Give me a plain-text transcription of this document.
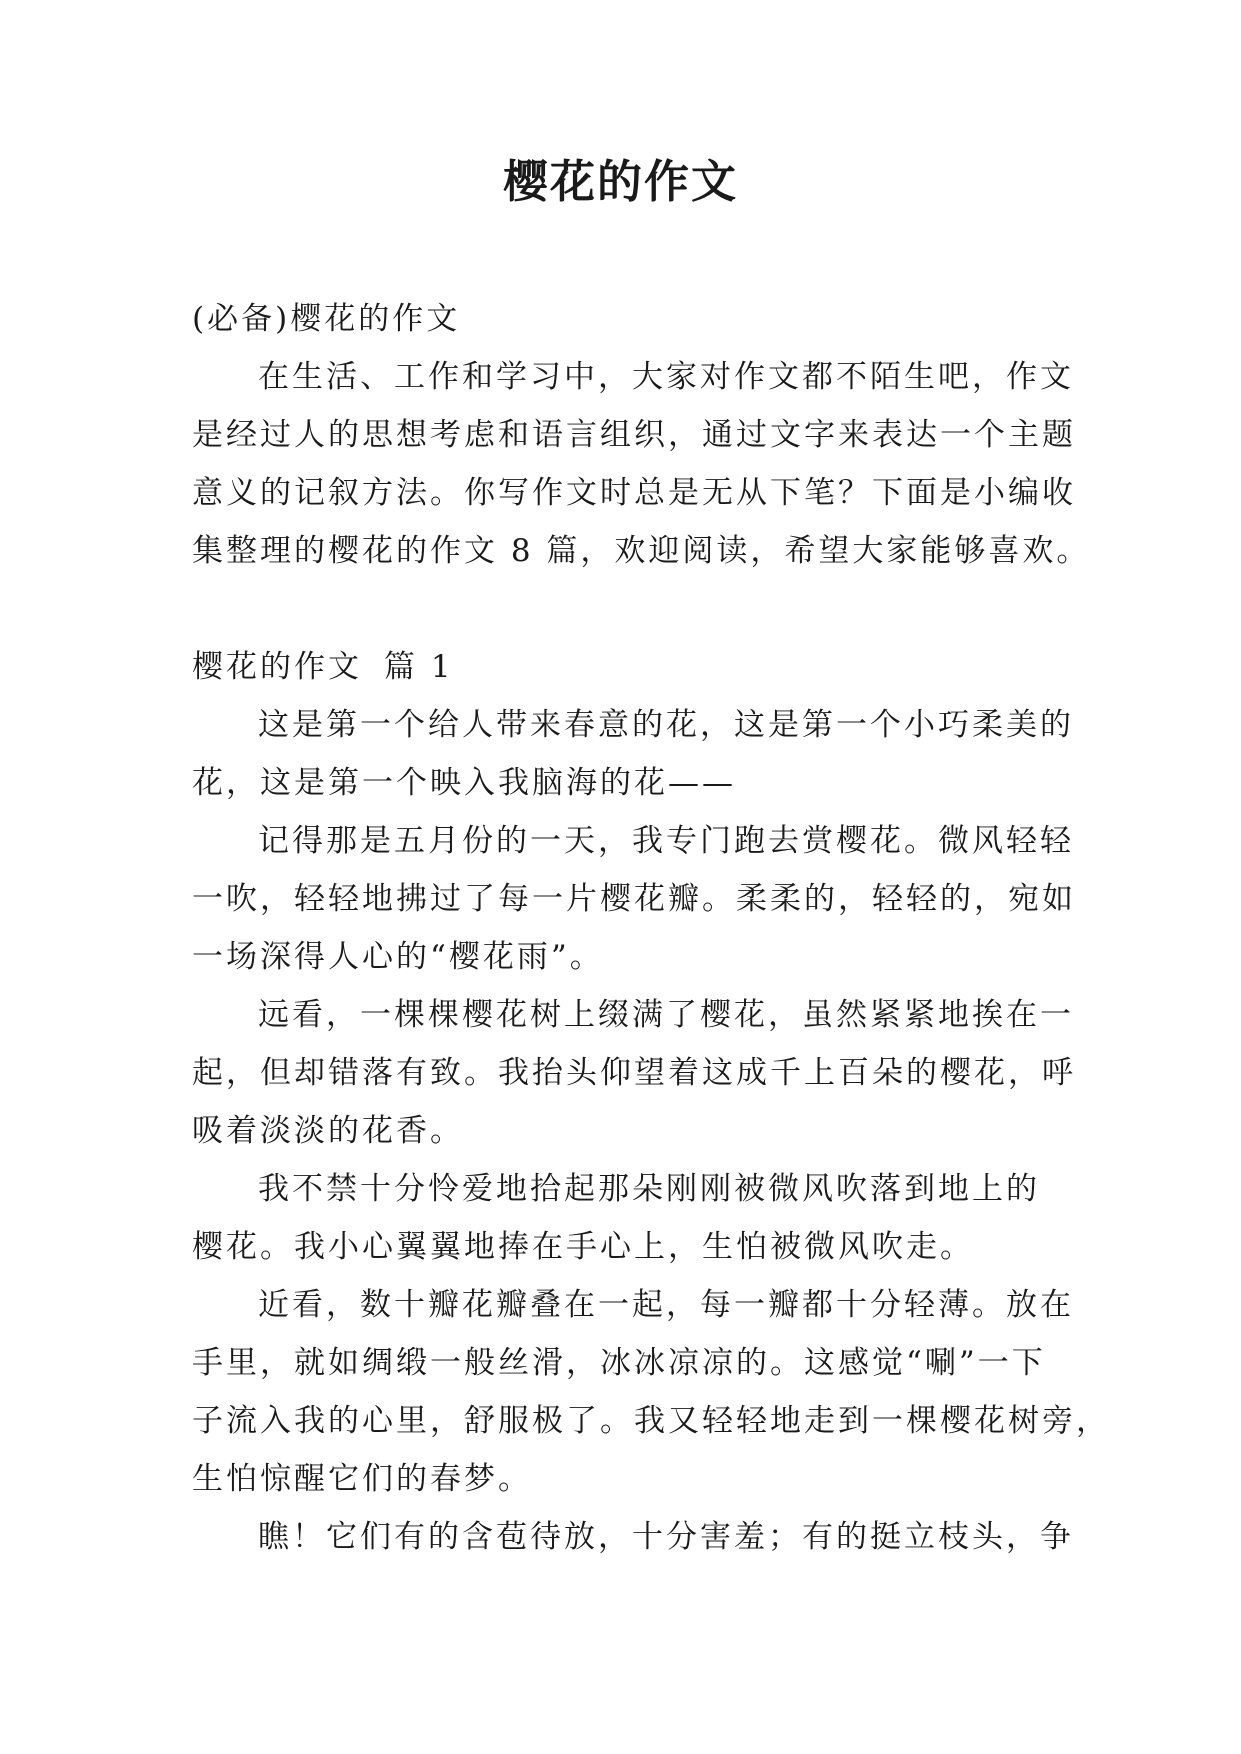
樱花的作文
(必备)樱花的作文
在生活、工作和学习中，大家对作文都不陌生吧，作文
是经过人的思想考虑和语言组织，通过文字来表达一个主题
意义的记叙方法。你写作文时总是无从下笔？下面是小编收
集整理的樱花的作文 8 篇，欢迎阅读，希望大家能够喜欢。
樱花的作文 篇 1
这是第一个给人带来春意的花，这是第一个小巧柔美的
花，这是第一个映入我脑海的花——
记得那是五月份的一天，我专门跑去赏樱花。微风轻轻
一吹，轻轻地拂过了每一片樱花瓣。柔柔的，轻轻的，宛如
一场深得人心的“樱花雨”。
远看，一棵棵樱花树上缀满了樱花，虽然紧紧地挨在一
起，但却错落有致。我抬头仰望着这成千上百朵的樱花，呼
吸着淡淡的花香。
我不禁十分怜爱地拾起那朵刚刚被微风吹落到地上的
樱花。我小心翼翼地捧在手心上，生怕被微风吹走。
近看，数十瓣花瓣叠在一起，每一瓣都十分轻薄。放在
手里，就如绸缎一般丝滑，冰冰凉凉的。这感觉“唰”一下
子流入我的心里，舒服极了。我又轻轻地走到一棵樱花树旁，
生怕惊醒它们的春梦。
瞧！它们有的含苞待放，十分害羞；有的挺立枝头，争
